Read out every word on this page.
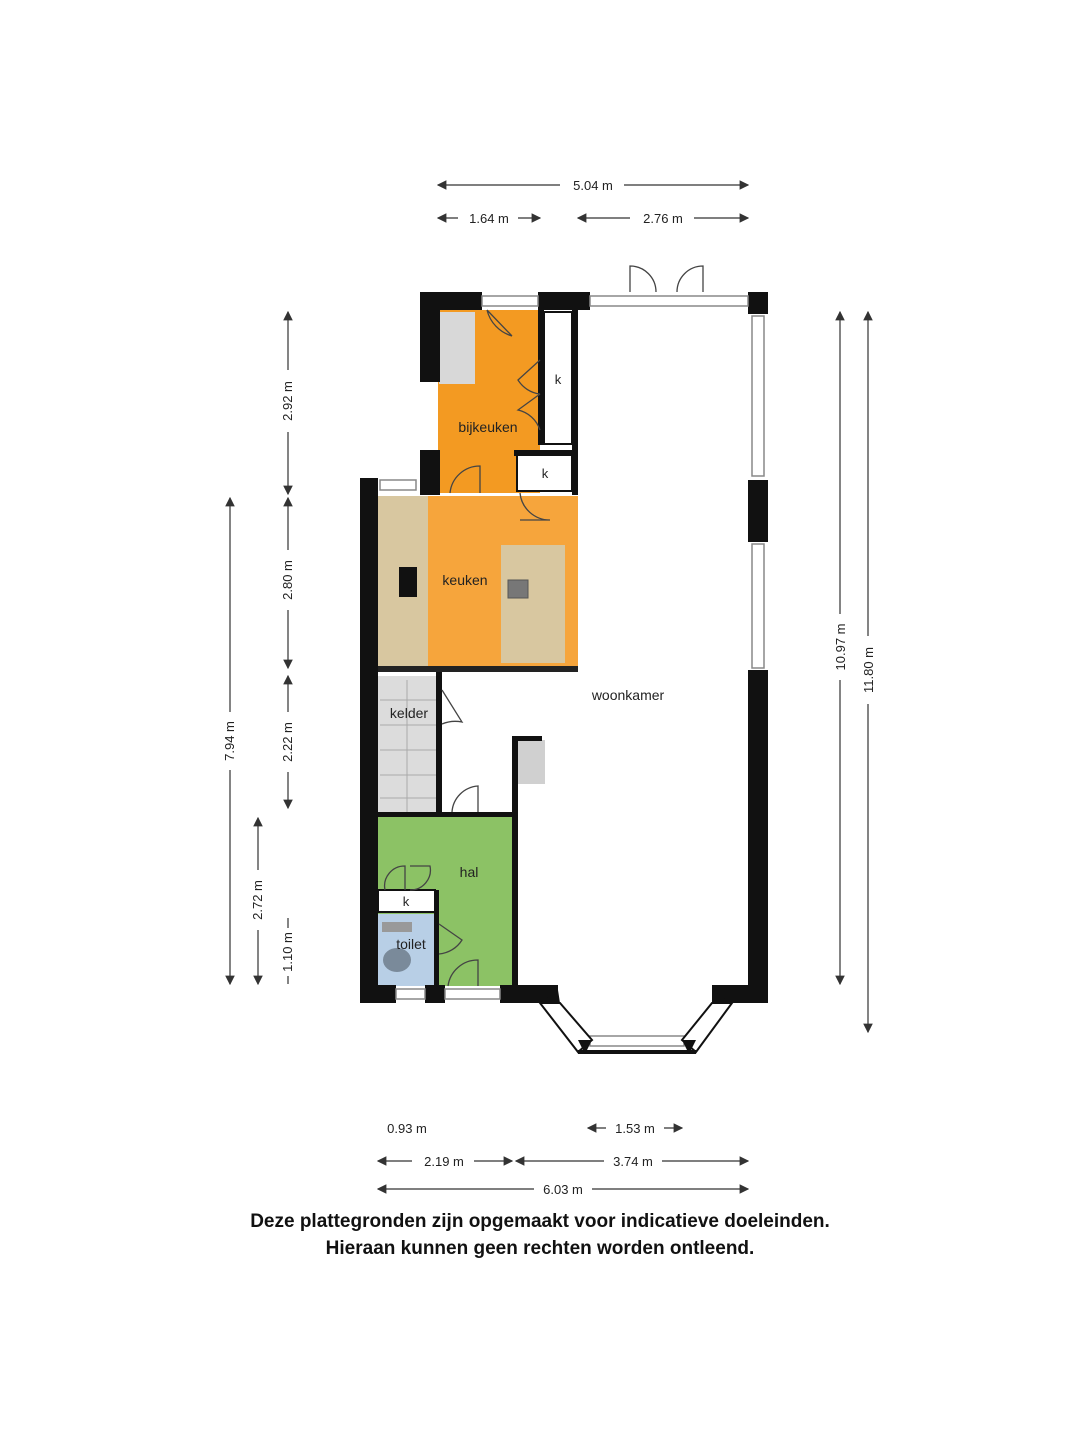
bijkeuken
keuken
woonkamer
kelder
hal
toilet
k
k
k
5.04 m
1.64 m	2.76 m
2.92 m
2.80 m
2.22 m
1.10 m
7.94 m
2.72 m
10.97 m 11.80 m
0.93 m	1.53 m
2.19 m	3.74 m
6.03 m
Deze plattegronden zijn opgemaakt voor indicatieve doeleinden.
Hieraan kunnen geen rechten worden ontleend.
